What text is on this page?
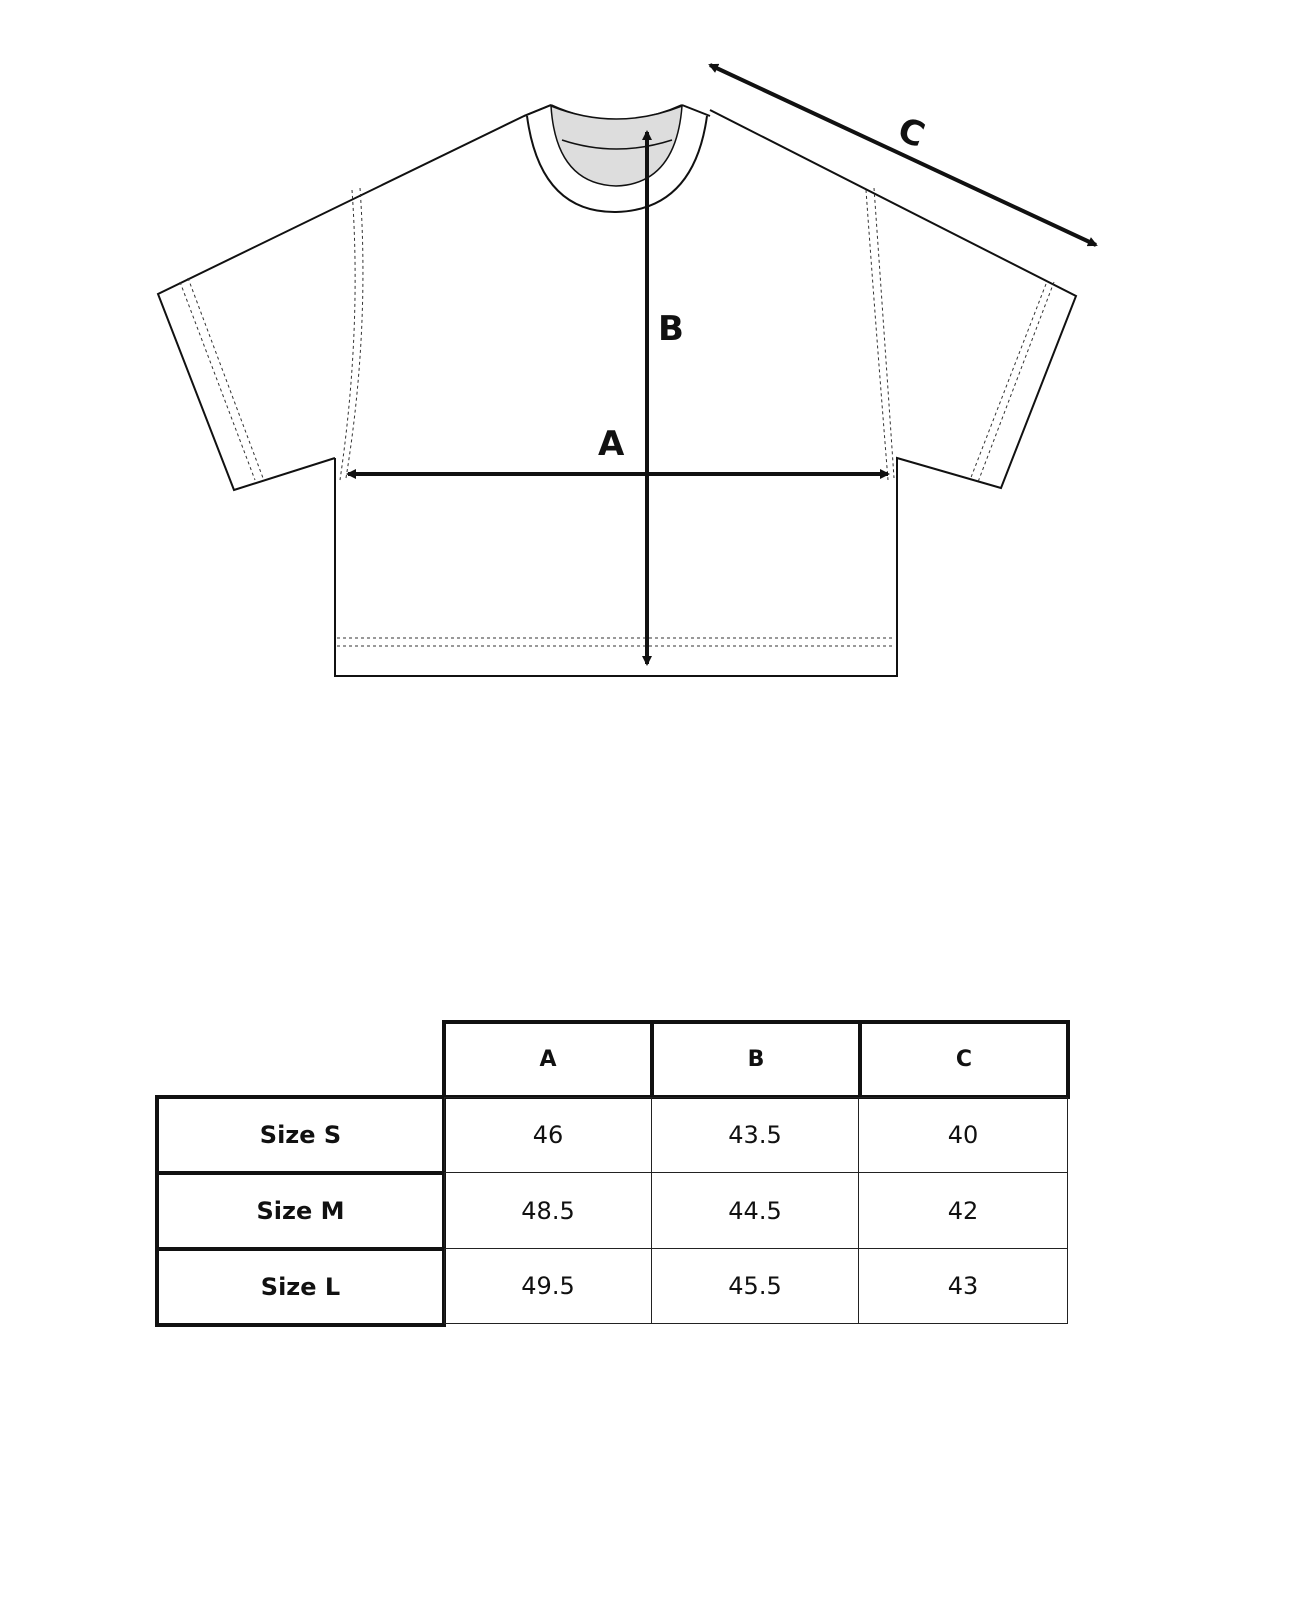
A
B
C
A	B	C
Size S	46	43.5	40
Size M	48.5	44.5	42
Size L	49.5	45.5	43
